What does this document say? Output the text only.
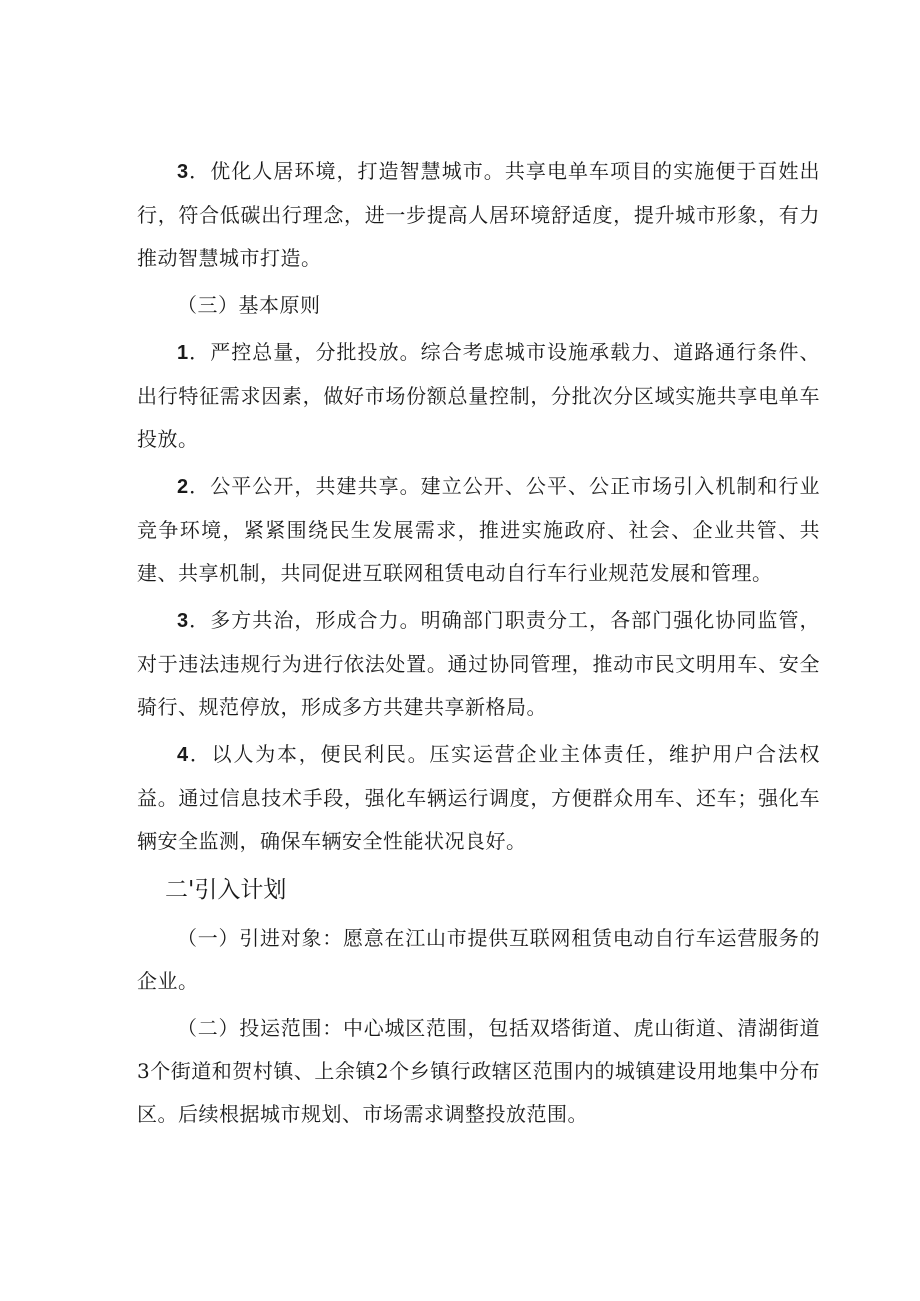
3．优化人居环境，打造智慧城市。共享电单车项目的实施便于百姓出行，符合低碳出行理念，进一步提高人居环境舒适度，提升城市形象，有力推动智慧城市打造。

（三）基本原则

1．严控总量，分批投放。综合考虑城市设施承载力、道路通行条件、出行特征需求因素，做好市场份额总量控制，分批次分区域实施共享电单车投放。

2．公平公开，共建共享。建立公开、公平、公正市场引入机制和行业竞争环境，紧紧围绕民生发展需求，推进实施政府、社会、企业共管、共建、共享机制，共同促进互联网租赁电动自行车行业规范发展和管理。

3．多方共治，形成合力。明确部门职责分工，各部门强化协同监管，对于违法违规行为进行依法处置。通过协同管理，推动市民文明用车、安全骑行、规范停放，形成多方共建共享新格局。

4．以人为本，便民利民。压实运营企业主体责任，维护用户合法权益。通过信息技术手段，强化车辆运行调度，方便群众用车、还车；强化车辆安全监测，确保车辆安全性能状况良好。

二'引入计划

（一）引进对象：愿意在江山市提供互联网租赁电动自行车运营服务的企业。

（二）投运范围：中心城区范围，包括双塔街道、虎山街道、清湖街道3个街道和贺村镇、上余镇2个乡镇行政辖区范围内的城镇建设用地集中分布区。后续根据城市规划、市场需求调整投放范围。
